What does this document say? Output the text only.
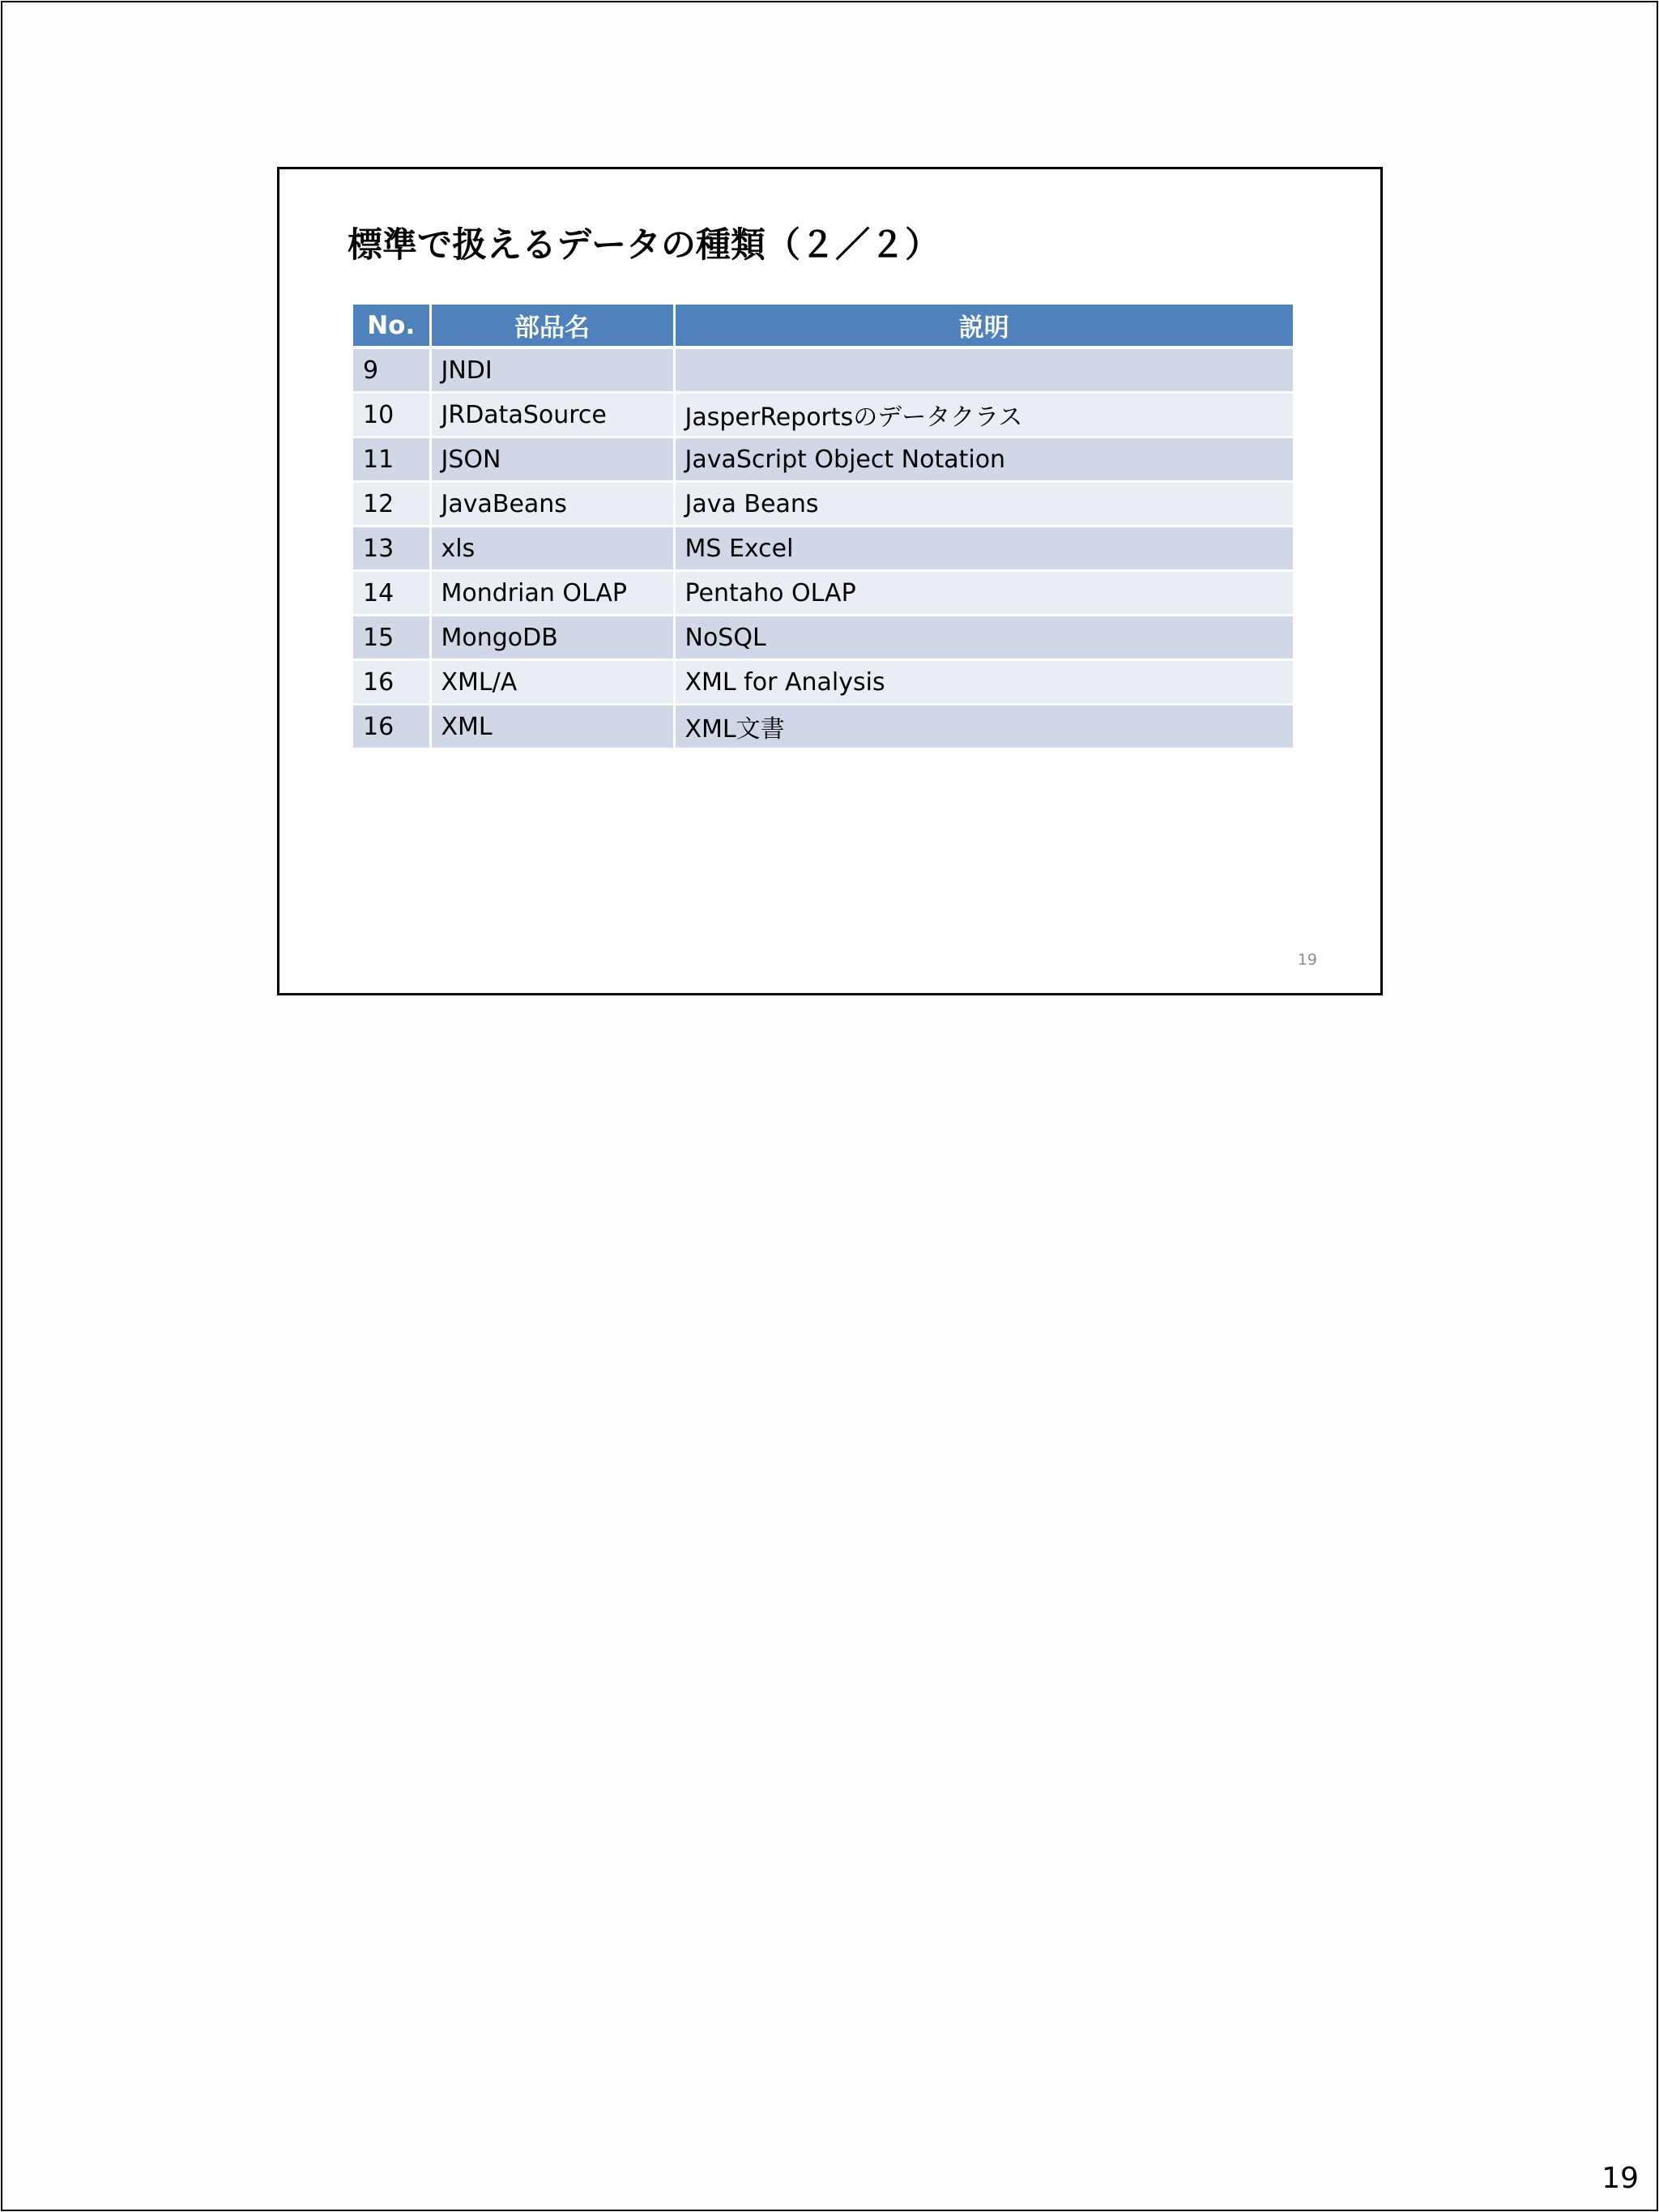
標準で扱えるデータの種類（２／２）
No.	部品名	説明
9	JNDI	
10	JRDataSource	JasperReportsのデータクラス
11	JSON	JavaScript Object Notation
12	JavaBeans	Java Beans
13	xls	MS Excel
14	Mondrian OLAP	Pentaho OLAP
15	MongoDB	NoSQL
16	XML/A	XML for Analysis
16	XML	XML文書
19
19
